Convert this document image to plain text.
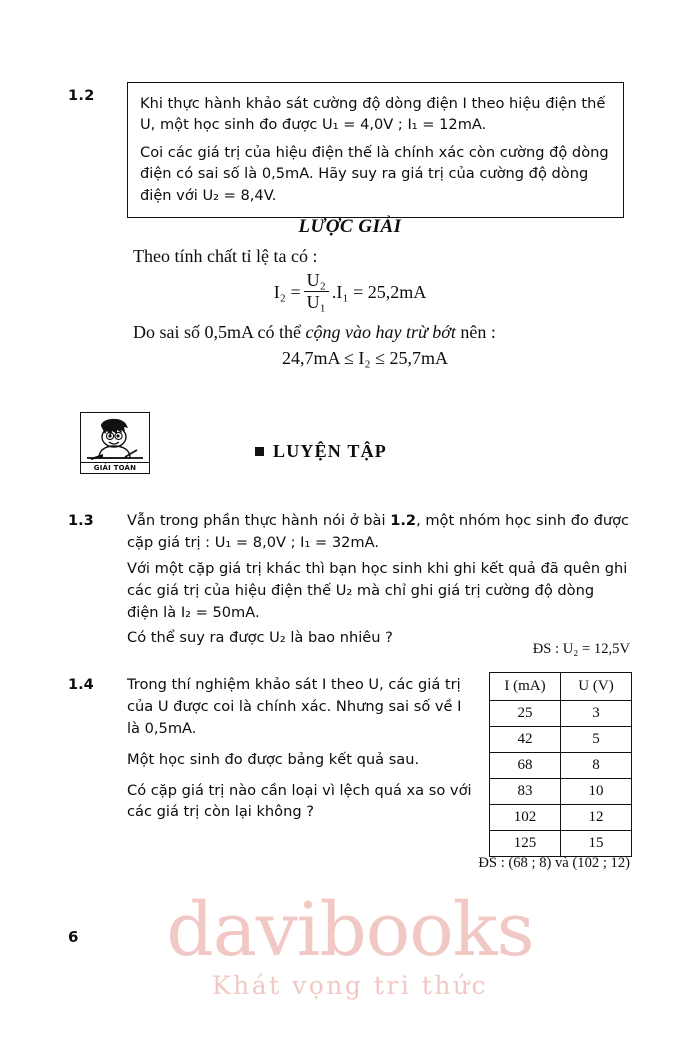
1.2	Khi thực hành khảo sát cường độ dòng điện I theo hiệu điện thế U, một học sinh đo được U₁ = 4,0V ; I₁ = 12mA.

Coi các giá trị của hiệu điện thế là chính xác còn cường độ dòng điện có sai số là 0,5mA. Hãy suy ra giá trị của cường độ dòng điện với U₂ = 8,4V.

LƯỢC GIẢI
Theo tính chất tỉ lệ ta có :
$I_2 = \frac{\text{U₂}}{\text{U₁}} .I_1 = 25,2mA$
Do sai số 0,5mA có thể cộng vào hay trừ bớt nên :
24,7mA ≤ I₂ ≤ 25,7mA
GIẢI TOÁN
LUYỆN TẬP
1.3 Vẫn trong phần thực hành nói ở bài 1.2, một nhóm học sinh đo được cặp giá trị : U₁ = 8,0V ; I₁ = 32mA.

Với một cặp giá trị khác thì bạn học sinh khi ghi kết quả đã quên ghi các giá trị của hiệu điện thế U₂ mà chỉ ghi giá trị cường độ dòng điện là I₂ = 50mA.

Có thể suy ra được U₂ là bao nhiêu ?

ĐS : U₂ = 12,5V
1.4 Trong thí nghiệm khảo sát I theo U, các giá trị của U được coi là chính xác. Nhưng sai số về I là 0,5mA.

Một học sinh đo được bảng kết quả sau.

Có cặp giá trị nào cần loại vì lệch quá xa so với các giá trị còn lại không ?

I (mA)	U (V)
25	3
42	5
68	8
83	10
102	12
125	15
ĐS : (68 ; 8) và (102 ; 12)
6	davibooks
Khát vọng tri thức
